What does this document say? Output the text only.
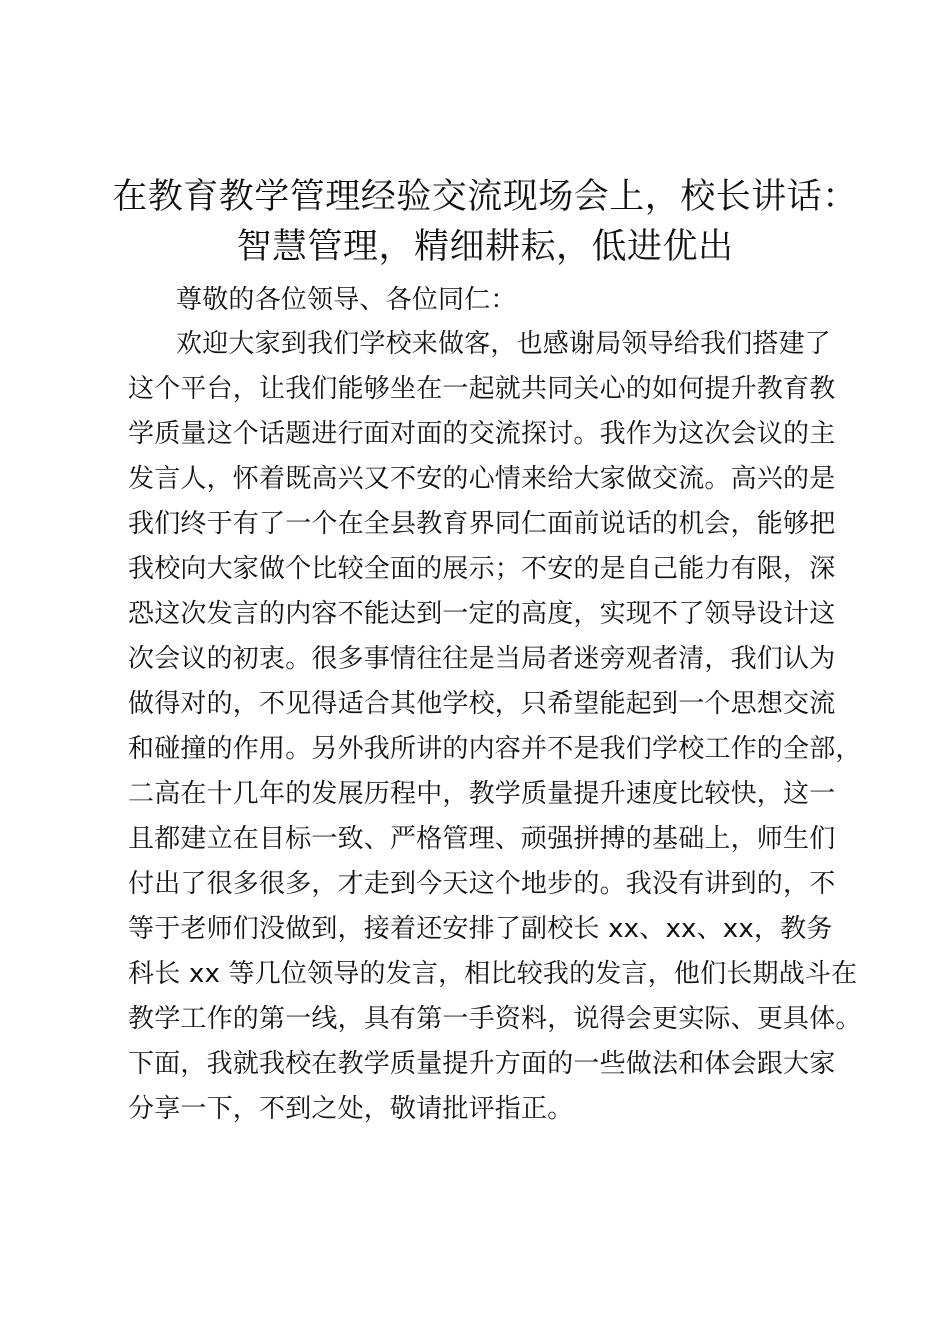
在教育教学管理经验交流现场会上，校长讲话：
智慧管理，精细耕耘，低进优出
尊敬的各位领导、各位同仁：
欢迎大家到我们学校来做客，也感谢局领导给我们搭建了
这个平台，让我们能够坐在一起就共同关心的如何提升教育教
学质量这个话题进行面对面的交流探讨。我作为这次会议的主
发言人，怀着既高兴又不安的心情来给大家做交流。高兴的是
我们终于有了一个在全县教育界同仁面前说话的机会，能够把
我校向大家做个比较全面的展示；不安的是自己能力有限，深
恐这次发言的内容不能达到一定的高度，实现不了领导设计这
次会议的初衷。很多事情往往是当局者迷旁观者清，我们认为
做得对的，不见得适合其他学校，只希望能起到一个思想交流
和碰撞的作用。另外我所讲的内容并不是我们学校工作的全部，
二高在十几年的发展历程中，教学质量提升速度比较快，这一
且都建立在目标一致、严格管理、顽强拼搏的基础上，师生们
付出了很多很多，才走到今天这个地步的。我没有讲到的，不
等于老师们没做到，接着还安排了副校长 xx、xx、xx，教务
科长 xx 等几位领导的发言，相比较我的发言，他们长期战斗在
教学工作的第一线，具有第一手资料，说得会更实际、更具体。
下面，我就我校在教学质量提升方面的一些做法和体会跟大家
分享一下，不到之处，敬请批评指正。
